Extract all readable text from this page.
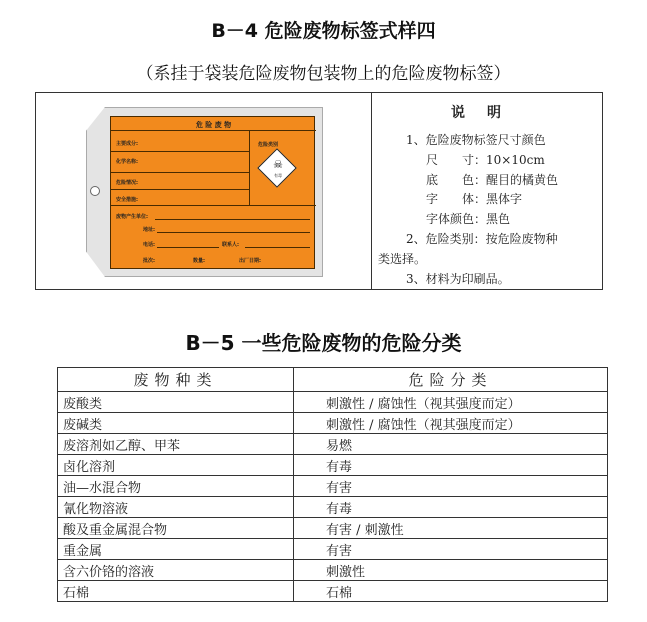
B－4 危险废物标签式样四
（系挂于袋装危险废物包装物上的危险废物标签）
危 险 废 物
主要成分:
化学名称:
危险情况:
安全措施:
危险类别
☠
有毒
废物产生单位:
地址:
电话:	联系人:
批次:	数量:	出厂日期:
说明
1、危险废物标签尺寸颜色
尺　　寸：10×10cm
底　　色：醒目的橘黄色
字　　体：黑体字
字体颜色：黑色
2、危险类别：按危险废物种
类选择。
3、材料为印刷品。
B－5 一些危险废物的危险分类
废物种类	危险分类
废酸类	刺激性 / 腐蚀性（视其强度而定）
废碱类	刺激性 / 腐蚀性（视其强度而定）
废溶剂如乙醇、甲苯	易燃
卤化溶剂	有毒
油—水混合物	有害
氰化物溶液	有毒
酸及重金属混合物	有害 / 刺激性
重金属	有害
含六价铬的溶液	刺激性
石棉	石棉
